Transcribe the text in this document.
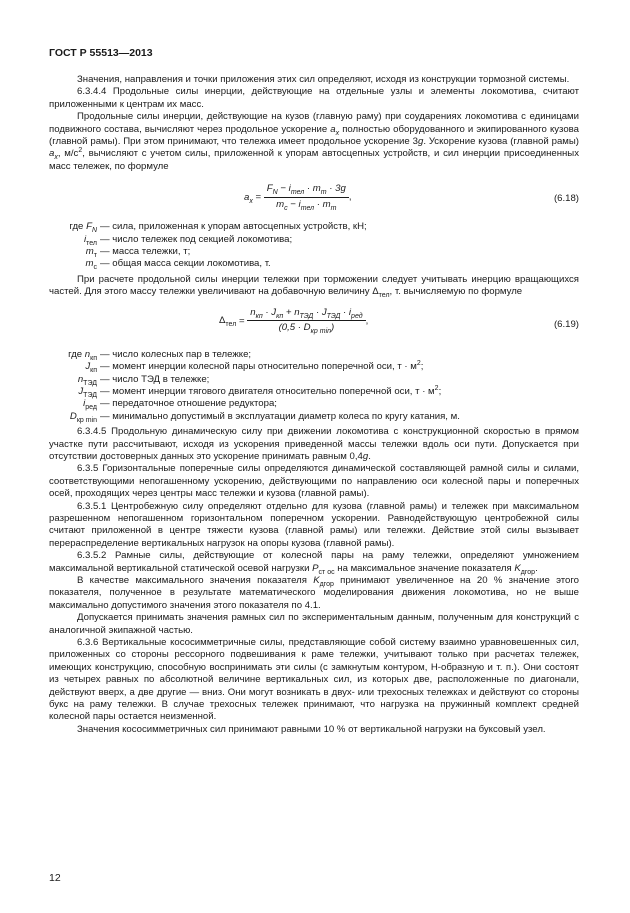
ГОСТ Р 55513—2013

Значения, направления и точки приложения этих сил определяют, исходя из конструкции тормозной системы.

6.3.4.4 Продольные силы инерции, действующие на отдельные узлы и элементы локомотива, считают приложенными к центрам их масс.

Продольные силы инерции, действующие на кузов (главную раму) при соударениях локомотива с единицами подвижного состава, вычисляют через продольное ускорение $a_x$ полностью оборудованного и экипированного кузова (главной рамы). При этом принимают, что тележка имеет продольное ускорение 3g. Ускорение кузова (главной рамы) $a_x$, $м/с^2$, вычисляют с учетом силы, приложенной к упорам автосцепных устройств, и сил инерции присоединенных масс тележек, по формуле

$a_x = \frac{F_N - i_{тел} \cdot m_т \cdot 3g}{m_c - i_{тел} \cdot m_т}$ ,	(6.18)
где $F_N$ — сила, приложенная к упорам автосцепных устройств, кН;
$i_{тел}$ — число тележек под секцией локомотива;
$m_т$ — масса тележки, т;
$m_c$ — общая масса секции локомотива, т.

При расчете продольной силы инерции тележки при торможении следует учитывать инерцию вращающихся частей. Для этого массу тележки увеличивают на добавочную величину $\Delta_{тел}$, т. вычисляемую по формуле

$\Delta_{тел} = \frac{n_{кп} \cdot J_{кп} + n_{ТЭД} \cdot J_{ТЭД} \cdot i_{ред}}{(0,5 \cdot D_{кр min})}$ ,	(6.19)
где $n_{кп}$ — число колесных пар в тележке;
$J_{кп}$ — момент инерции колесной пары относительно поперечной оси, $т \cdot м^2$;
$n_{ТЭД}$ — число ТЭД в тележке;
$J_{ТЭД}$ — момент инерции тягового двигателя относительно поперечной оси, $т \cdot м^2$;
$i_{ред}$ — передаточное отношение редуктора;
$D_{кр min}$ — минимально допустимый в эксплуатации диаметр колеса по кругу катания, м.

6.3.4.5 Продольную динамическую силу при движении локомотива с конструкционной скоростью в прямом участке пути рассчитывают, исходя из ускорения приведенной массы тележки вдоль оси пути. Допускается при отсутствии достоверных данных это ускорение принимать равным 0,4g.

6.3.5 Горизонтальные поперечные силы определяются динамической составляющей рамной силы и силами, соответствующими непогашенному ускорению, действующими по направлению оси колесной пары и поперечных осей, проходящих через центры масс тележки и кузова (главной рамы).

6.3.5.1 Центробежную силу определяют отдельно для кузова (главной рамы) и тележек при максимальном разрешенном непогашенном горизонтальном поперечном ускорении. Равнодействующую центробежной силы считают приложенной в центре тяжести кузова (главной рамы) или тележки. Действие этой силы вызывает перераспределение вертикальных нагрузок на опоры кузова (главной рамы).

6.3.5.2 Рамные силы, действующие от колесной пары на раму тележки, определяют умножением максимальной вертикальной статической осевой нагрузки $P_{ст ос}$ на максимальное значение показателя $K_{дгор}$.

В качестве максимального значения показателя $K_{дгор}$ принимают увеличенное на 20 % значение этого показателя, полученное в результате математического моделирования движения локомотива, но не выше максимально допустимого значения этого показателя по 4.1.

Допускается принимать значения рамных сил по экспериментальным данным, полученным для конструкций с аналогичной экипажной частью.

6.3.6 Вертикальные кососимметричные силы, представляющие собой систему взаимно уравновешенных сил, приложенных со стороны рессорного подвешивания к раме тележки, учитывают только при расчетах тележек, имеющих конструкцию, способную воспринимать эти силы (с замкнутым контуром, Н-образную и т. п.). Они состоят из четырех равных по абсолютной величине вертикальных сил, из которых две, расположенные по диагонали, действуют вверх, а две другие — вниз. Они могут возникать в двух- или трехосных тележках и действуют со стороны букс на раму тележки. В случае трехосных тележек принимают, что нагрузка на пружинный комплект средней колесной пары остается неизменной.

Значения кососимметричных сил принимают равными 10 % от вертикальной нагрузки на буксовый узел.

12
